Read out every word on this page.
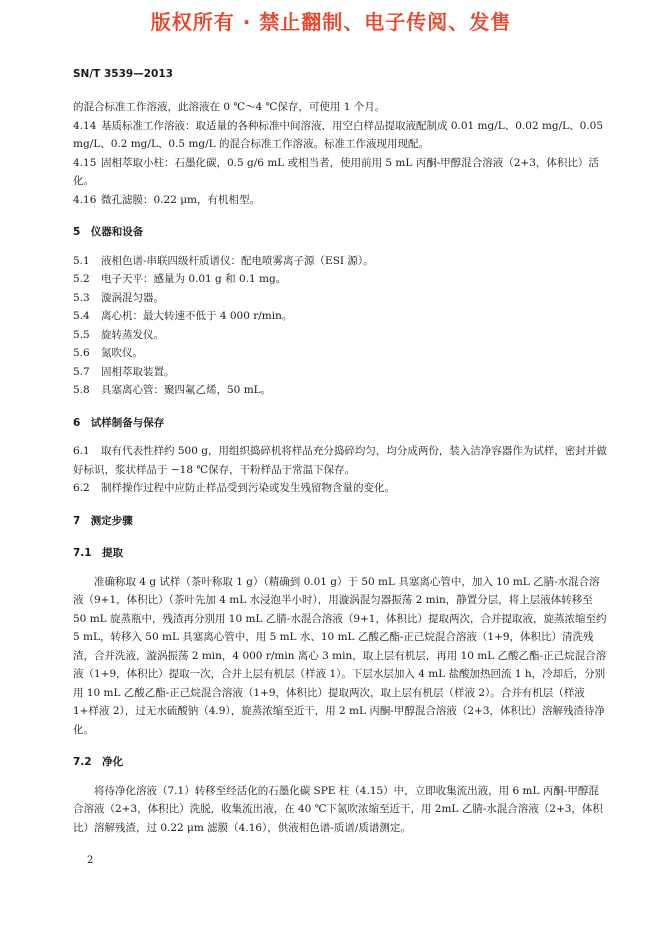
版权所有 · 禁止翻制、电子传阅、发售
SN/T 3539—2013

的混合标准工作溶液，此溶液在 0 ℃～4 ℃保存，可使用 1 个月。

4.14 基质标准工作溶液：取适量的各种标准中间溶液，用空白样品提取液配制成 0.01 mg/L、0.02 mg/L、0.05 mg/L、0.2 mg/L、0.5 mg/L 的混合标准工作溶液。标准工作液现用现配。

4.15 固相萃取小柱：石墨化碳，0.5 g/6 mL 或相当者，使用前用 5 mL 丙酮-甲醇混合溶液（2+3，体积比）活化。

4.16 微孔滤膜：0.22 μm，有机相型。

5　仪器和设备

5.1 液相色谱-串联四级杆质谱仪：配电喷雾离子源（ESI 源）。

5.2 电子天平：感量为 0.01 g 和 0.1 mg。

5.3 漩涡混匀器。

5.4 离心机：最大转速不低于 4 000 r/min。

5.5 旋转蒸发仪。

5.6 氮吹仪。

5.7 固相萃取装置。

5.8 具塞离心管：聚四氟乙烯，50 mL。

6　试样制备与保存

6.1 取有代表性样约 500 g，用组织捣碎机将样品充分捣碎均匀，均分成两份，装入洁净容器作为试样，密封并做好标识，浆状样品于 −18 ℃保存，干粉样品于常温下保存。

6.2 制样操作过程中应防止样品受到污染或发生残留物含量的变化。

7　测定步骤

7.1　提取

准确称取 4 g 试样（茶叶称取 1 g）（精确到 0.01 g）于 50 mL 具塞离心管中，加入 10 mL 乙腈-水混合溶液（9+1，体积比）（茶叶先加 4 mL 水浸泡半小时），用漩涡混匀器振荡 2 min，静置分层，将上层液体转移至 50 mL 旋蒸瓶中，残渣再分别用 10 mL 乙腈-水混合溶液（9+1，体积比）提取两次，合并提取液，旋蒸浓缩至约 5 mL，转移入 50 mL 具塞离心管中，用 5 mL 水、10 mL 乙酸乙酯-正己烷混合溶液（1+9，体积比）清洗残渣，合并洗液，漩涡振荡 2 min，4 000 r/min 离心 3 min，取上层有机层，再用 10 mL 乙酸乙酯-正己烷混合溶液（1+9，体积比）提取一次，合并上层有机层（样液 1）。下层水层加入 4 mL 盐酸加热回流 1 h，冷却后，分别用 10 mL 乙酸乙酯-正己烷混合溶液（1+9，体积比）提取两次，取上层有机层（样液 2）。合并有机层（样液 1+样液 2），过无水硫酸钠（4.9），旋蒸浓缩至近干，用 2 mL 丙酮-甲醇混合溶液（2+3，体积比）溶解残渣待净化。

7.2　净化

将待净化溶液（7.1）转移至经活化的石墨化碳 SPE 柱（4.15）中，立即收集流出液，用 6 mL 丙酮-甲醇混合溶液（2+3，体积比）洗脱，收集流出液，在 40 ℃下氮吹浓缩至近干，用 2mL 乙腈-水混合溶液（2+3，体积比）溶解残渣，过 0.22 μm 滤膜（4.16），供液相色谱-质谱/质谱测定。

2
